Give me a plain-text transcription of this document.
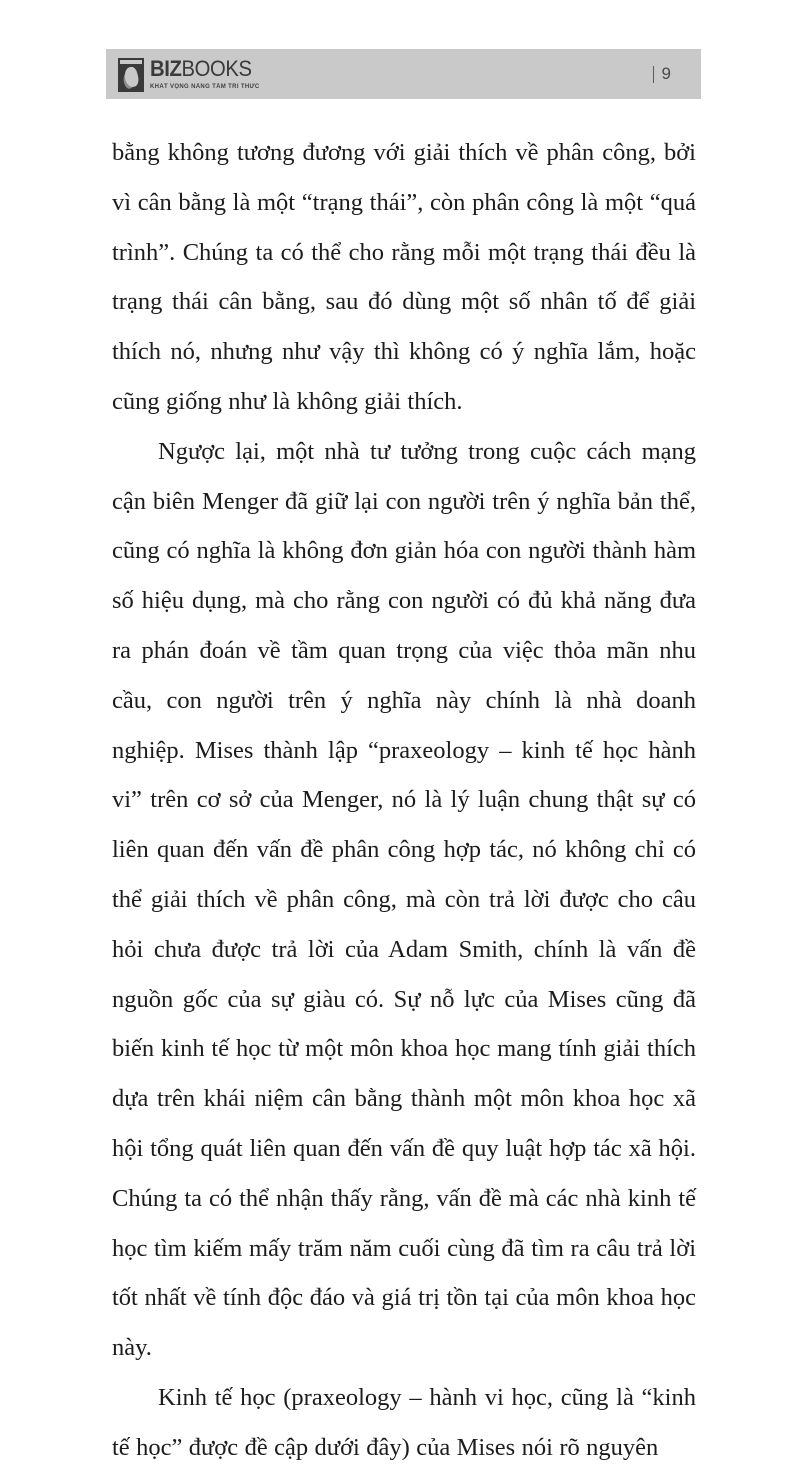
BIZBOOKS
KHÁT VỌNG NÂNG TẦM TRI THỨC
9

bằng không tương đương với giải thích về phân công, bởi vì cân bằng là một “trạng thái”, còn phân công là một “quá trình”. Chúng ta có thể cho rằng mỗi một trạng thái đều là trạng thái cân bằng, sau đó dùng một số nhân tố để giải thích nó, nhưng như vậy thì không có ý nghĩa lắm, hoặc cũng giống như là không giải thích.

Ngược lại, một nhà tư tưởng trong cuộc cách mạng cận biên Menger đã giữ lại con người trên ý nghĩa bản thể, cũng có nghĩa là không đơn giản hóa con người thành hàm số hiệu dụng, mà cho rằng con người có đủ khả năng đưa ra phán đoán về tầm quan trọng của việc thỏa mãn nhu cầu, con người trên ý nghĩa này chính là nhà doanh nghiệp. Mises thành lập “praxeology – kinh tế học hành vi” trên cơ sở của Menger, nó là lý luận chung thật sự có liên quan đến vấn đề phân công hợp tác, nó không chỉ có thể giải thích về phân công, mà còn trả lời được cho câu hỏi chưa được trả lời của Adam Smith, chính là vấn đề nguồn gốc của sự giàu có. Sự nỗ lực của Mises cũng đã biến kinh tế học từ một môn khoa học mang tính giải thích dựa trên khái niệm cân bằng thành một môn khoa học xã hội tổng quát liên quan đến vấn đề quy luật hợp tác xã hội. Chúng ta có thể nhận thấy rằng, vấn đề mà các nhà kinh tế học tìm kiếm mấy trăm năm cuối cùng đã tìm ra câu trả lời tốt nhất về tính độc đáo và giá trị tồn tại của môn khoa học này.

Kinh tế học (praxeology – hành vi học, cũng là “kinh tế học” được đề cập dưới đây) của Mises nói rõ nguyên
